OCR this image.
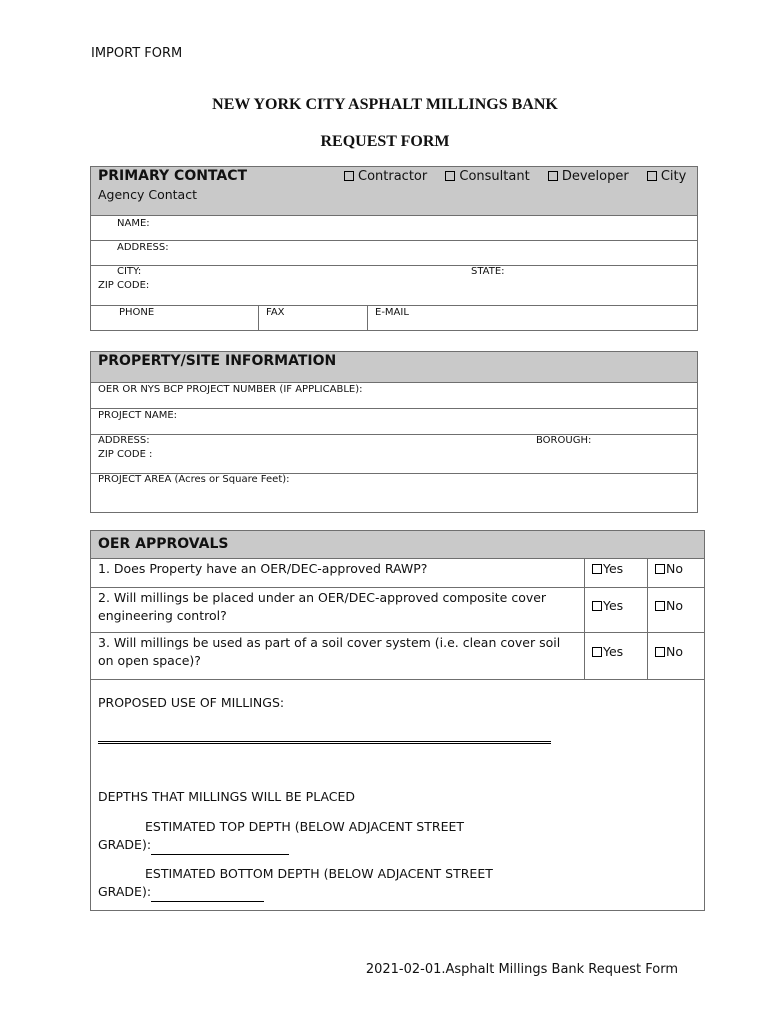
IMPORT FORM
NEW YORK CITY ASPHALT MILLINGS BANK
REQUEST FORM
PRIMARY CONTACT
Agency Contact
Contractor Consultant Developer City
NAME:
ADDRESS:
CITY:	STATE:
ZIP CODE:
PHONE	FAX	E-MAIL
PROPERTY/SITE INFORMATION
OER OR NYS BCP PROJECT NUMBER (IF APPLICABLE):
PROJECT NAME:
ADDRESS:	BOROUGH:
ZIP CODE :
PROJECT AREA (Acres or Square Feet):
OER APPROVALS
1. Does Property have an OER/DEC-approved RAWP?	Yes	No
2. Will millings be placed under an OER/DEC-approved composite cover engineering control?
Yes	No
3. Will millings be used as part of a soil cover system (i.e. clean cover soil on open space)?
Yes	No
PROPOSED USE OF MILLINGS:
DEPTHS THAT MILLINGS WILL BE PLACED
ESTIMATED TOP DEPTH (BELOW ADJACENT STREET
GRADE):
ESTIMATED BOTTOM DEPTH (BELOW ADJACENT STREET
GRADE):
2021-02-01.Asphalt Millings Bank Request Form
